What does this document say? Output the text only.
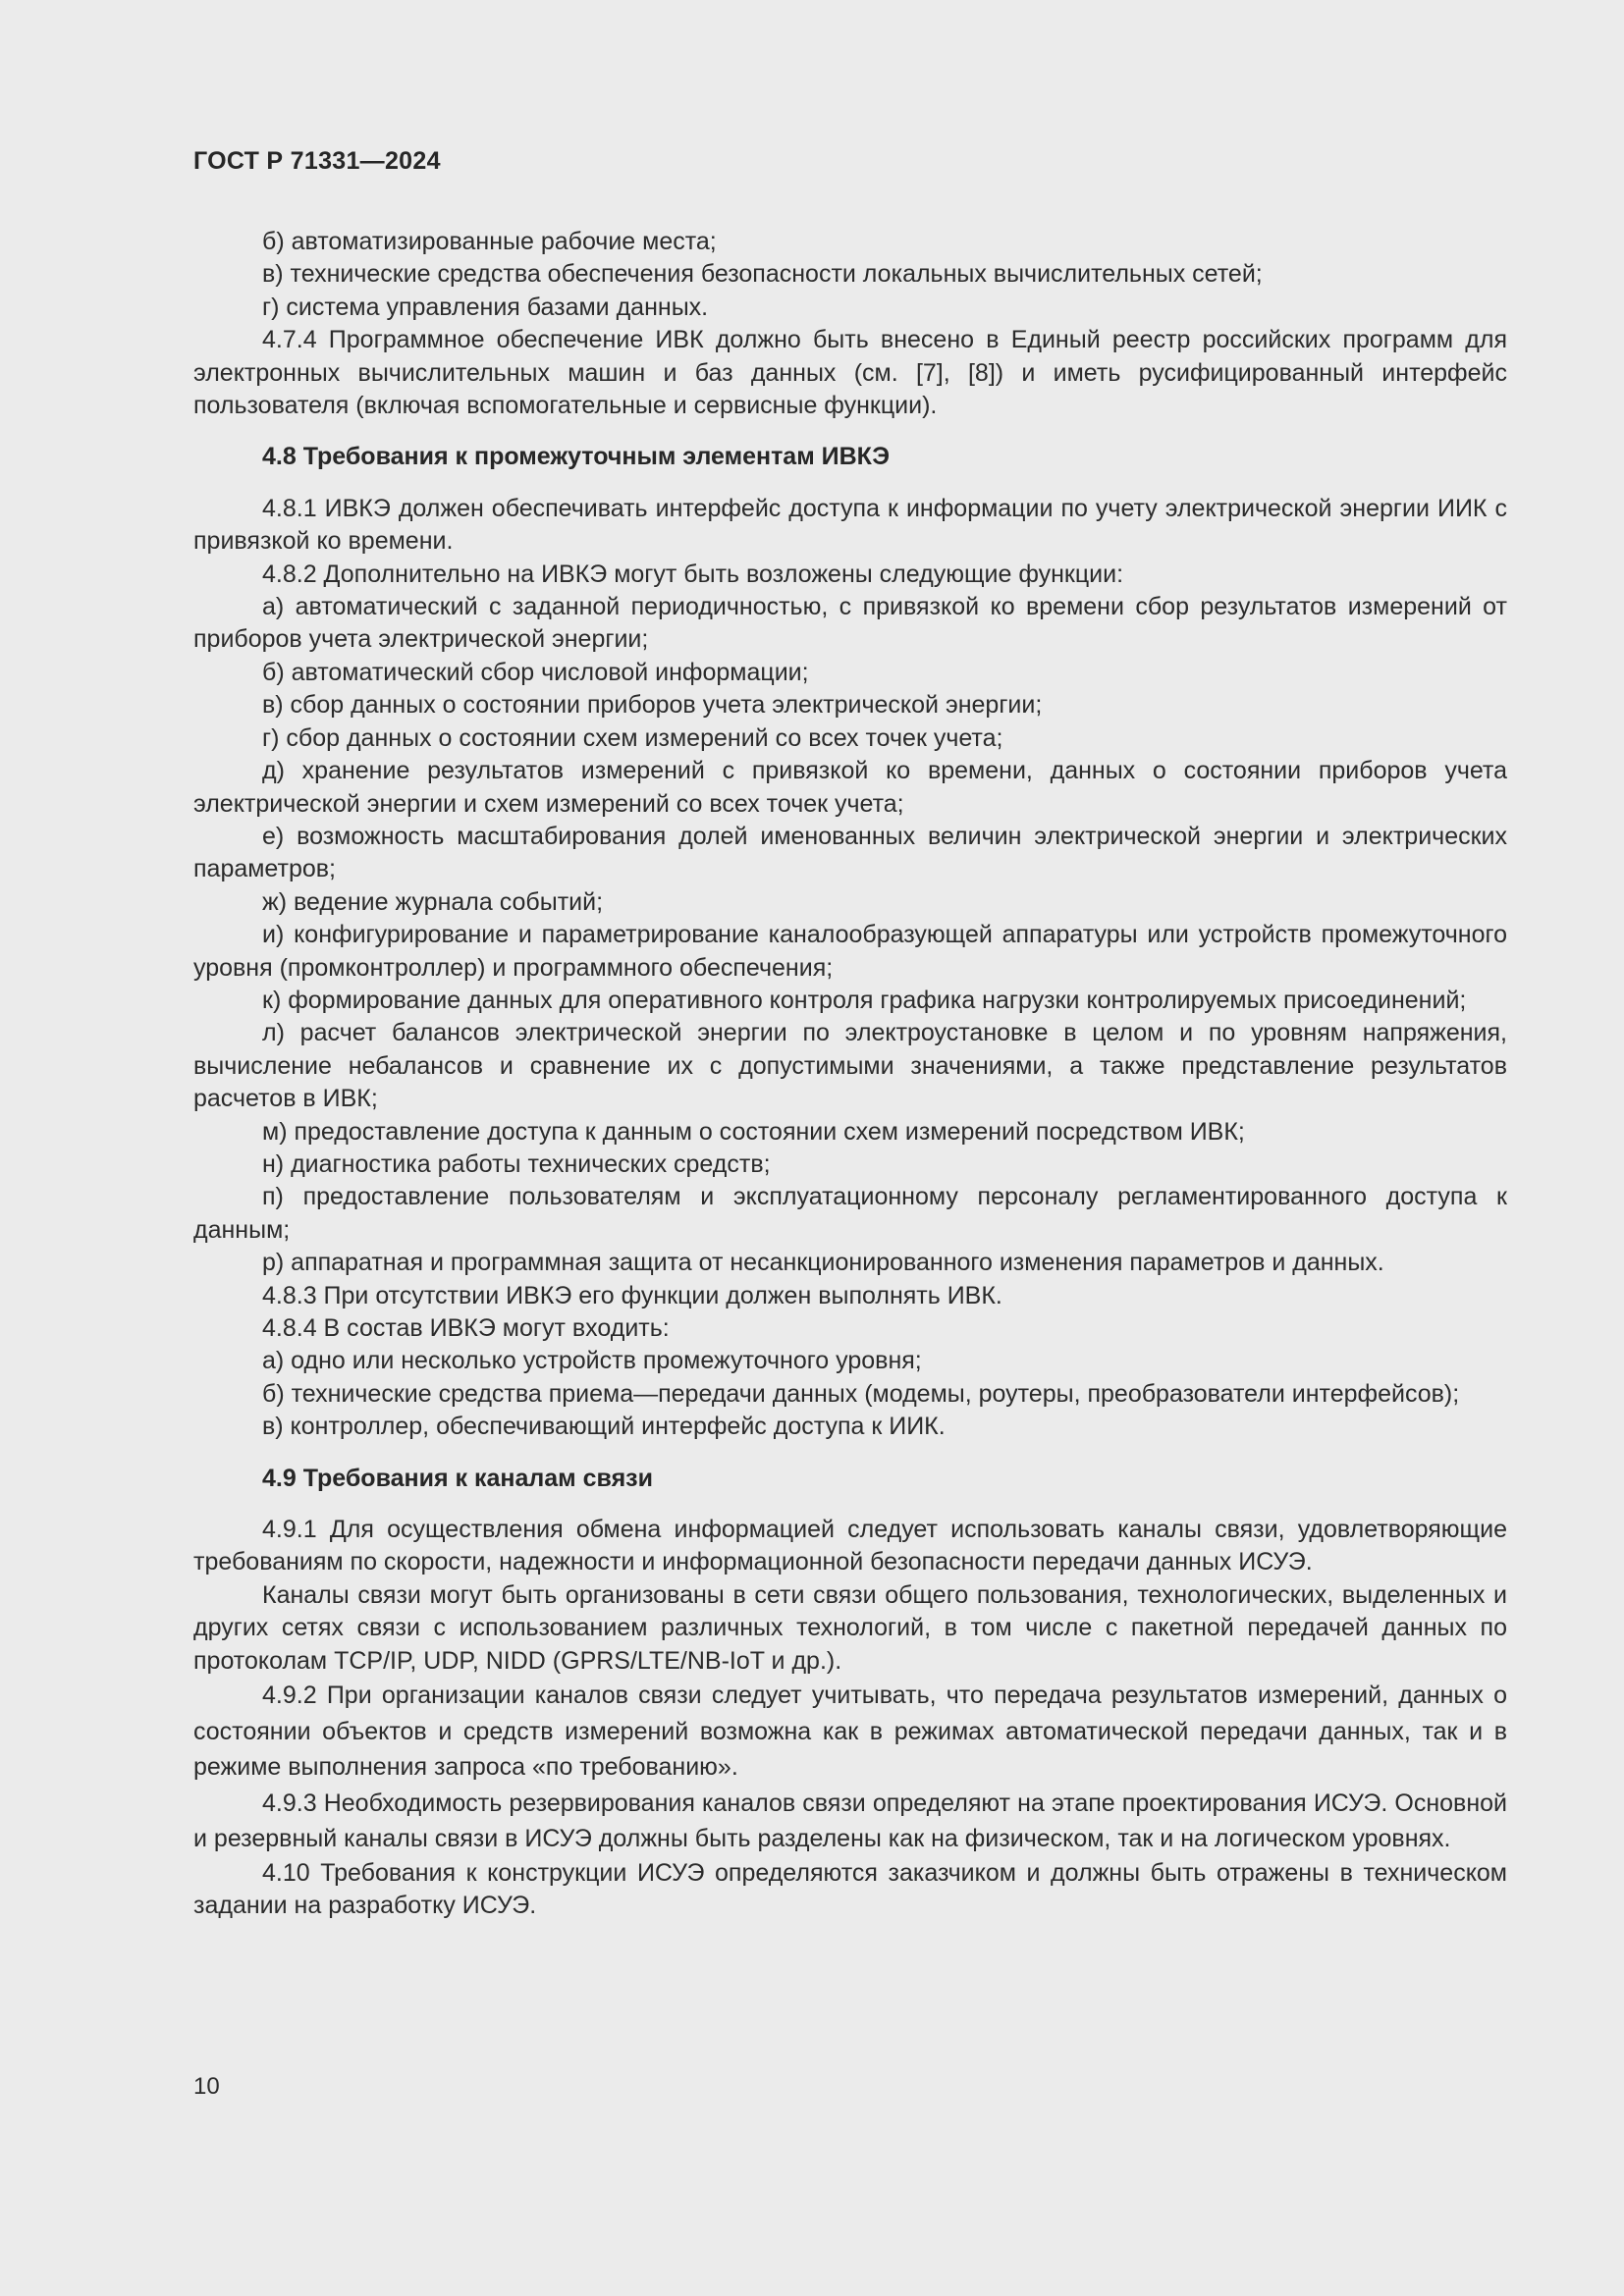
ГОСТ Р 71331—2024

б) автоматизированные рабочие места;

в) технические средства обеспечения безопасности локальных вычислительных сетей;

г) система управления базами данных.

4.7.4 Программное обеспечение ИВК должно быть внесено в Единый реестр российских программ для электронных вычислительных машин и баз данных (см. [7], [8]) и иметь русифицированный интерфейс пользователя (включая вспомогательные и сервисные функции).

4.8 Требования к промежуточным элементам ИВКЭ

4.8.1 ИВКЭ должен обеспечивать интерфейс доступа к информации по учету электрической энергии ИИК с привязкой ко времени.

4.8.2 Дополнительно на ИВКЭ могут быть возложены следующие функции:

а) автоматический с заданной периодичностью, с привязкой ко времени сбор результатов измерений от приборов учета электрической энергии;

б) автоматический сбор числовой информации;

в) сбор данных о состоянии приборов учета электрической энергии;

г) сбор данных о состоянии схем измерений со всех точек учета;

д) хранение результатов измерений с привязкой ко времени, данных о состоянии приборов учета электрической энергии и схем измерений со всех точек учета;

е) возможность масштабирования долей именованных величин электрической энергии и электрических параметров;

ж) ведение журнала событий;

и) конфигурирование и параметрирование каналообразующей аппаратуры или устройств промежуточного уровня (промконтроллер) и программного обеспечения;

к) формирование данных для оперативного контроля графика нагрузки контролируемых присоединений;

л) расчет балансов электрической энергии по электроустановке в целом и по уровням напряжения, вычисление небалансов и сравнение их с допустимыми значениями, а также представление результатов расчетов в ИВК;

м) предоставление доступа к данным о состоянии схем измерений посредством ИВК;

н) диагностика работы технических средств;

п) предоставление пользователям и эксплуатационному персоналу регламентированного доступа к данным;

р) аппаратная и программная защита от несанкционированного изменения параметров и данных.

4.8.3 При отсутствии ИВКЭ его функции должен выполнять ИВК.

4.8.4 В состав ИВКЭ могут входить:

а) одно или несколько устройств промежуточного уровня;

б) технические средства приема—передачи данных (модемы, роутеры, преобразователи интерфейсов);

в) контроллер, обеспечивающий интерфейс доступа к ИИК.

4.9 Требования к каналам связи

4.9.1 Для осуществления обмена информацией следует использовать каналы связи, удовлетворяющие требованиям по скорости, надежности и информационной безопасности передачи данных ИСУЭ.

Каналы связи могут быть организованы в сети связи общего пользования, технологических, выделенных и других сетях связи с использованием различных технологий, в том числе с пакетной передачей данных по протоколам TCP/IP, UDP, NIDD (GPRS/LTE/NB-IoT и др.).

4.9.2 При организации каналов связи следует учитывать, что передача результатов измерений, данных о состоянии объектов и средств измерений возможна как в режимах автоматической передачи данных, так и в режиме выполнения запроса «по требованию».

4.9.3 Необходимость резервирования каналов связи определяют на этапе проектирования ИСУЭ. Основной и резервный каналы связи в ИСУЭ должны быть разделены как на физическом, так и на логическом уровнях.

4.10 Требования к конструкции ИСУЭ определяются заказчиком и должны быть отражены в техническом задании на разработку ИСУЭ.

10
